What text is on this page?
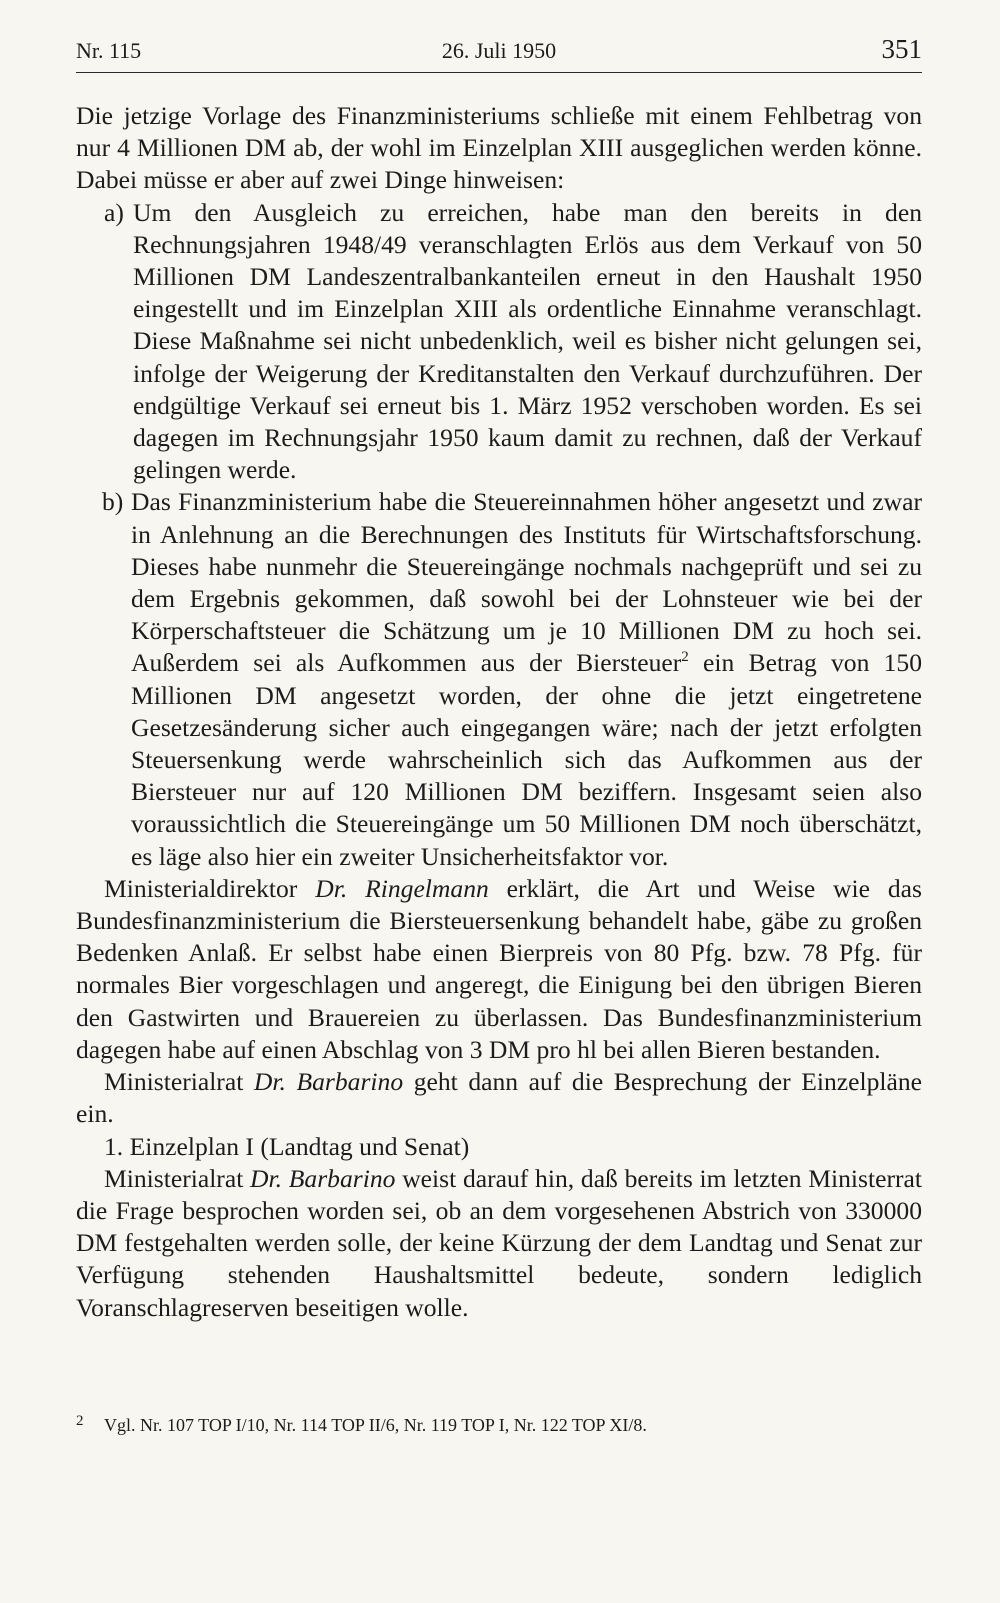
Nr. 115	26. Juli 1950	351

Die jetzige Vorlage des Finanzministeriums schließe mit einem Fehlbetrag von nur 4 Millionen DM ab, der wohl im Einzelplan XIII ausgeglichen werden könne. Dabei müsse er aber auf zwei Dinge hinweisen:

a) Um den Ausgleich zu erreichen, habe man den bereits in den Rechnungsjahren 1948/49 veranschlagten Erlös aus dem Verkauf von 50 Millionen DM Landeszentralbankanteilen erneut in den Haushalt 1950 eingestellt und im Einzelplan XIII als ordentliche Einnahme veranschlagt. Diese Maßnahme sei nicht unbedenklich, weil es bisher nicht gelungen sei, infolge der Weigerung der Kreditanstalten den Verkauf durchzuführen. Der endgültige Verkauf sei erneut bis 1. März 1952 verschoben worden. Es sei dagegen im Rechnungsjahr 1950 kaum damit zu rechnen, daß der Verkauf gelingen werde.

b) Das Finanzministerium habe die Steuereinnahmen höher angesetzt und zwar in Anlehnung an die Berechnungen des Instituts für Wirtschaftsforschung. Dieses habe nunmehr die Steuereingänge nochmals nachgeprüft und sei zu dem Ergebnis gekommen, daß sowohl bei der Lohnsteuer wie bei der Körperschaftsteuer die Schätzung um je 10 Millionen DM zu hoch sei. Außerdem sei als Aufkommen aus der Biersteuer$^2$ ein Betrag von 150 Millionen DM angesetzt worden, der ohne die jetzt eingetretene Gesetzesänderung sicher auch eingegangen wäre; nach der jetzt erfolgten Steuersenkung werde wahrscheinlich sich das Aufkommen aus der Biersteuer nur auf 120 Millionen DM beziffern. Insgesamt seien also voraussichtlich die Steuereingänge um 50 Millionen DM noch überschätzt, es läge also hier ein zweiter Unsicherheitsfaktor vor.

Ministerialdirektor Dr. Ringelmann erklärt, die Art und Weise wie das Bundesfinanzministerium die Biersteuersenkung behandelt habe, gäbe zu großen Bedenken Anlaß. Er selbst habe einen Bierpreis von 80 Pfg. bzw. 78 Pfg. für normales Bier vorgeschlagen und angeregt, die Einigung bei den übrigen Bieren den Gastwirten und Brauereien zu überlassen. Das Bundesfinanzministerium dagegen habe auf einen Abschlag von 3 DM pro hl bei allen Bieren bestanden.

Ministerialrat Dr. Barbarino geht dann auf die Besprechung der Einzelpläne ein.

1. Einzelplan I (Landtag und Senat)

Ministerialrat Dr. Barbarino weist darauf hin, daß bereits im letzten Ministerrat die Frage besprochen worden sei, ob an dem vorgesehenen Abstrich von 330000 DM festgehalten werden solle, der keine Kürzung der dem Landtag und Senat zur Verfügung stehenden Haushaltsmittel bedeute, sondern lediglich Voranschlagreserven beseitigen wolle.

2 Vgl. Nr. 107 TOP I/10, Nr. 114 TOP II/6, Nr. 119 TOP I, Nr. 122 TOP XI/8.
